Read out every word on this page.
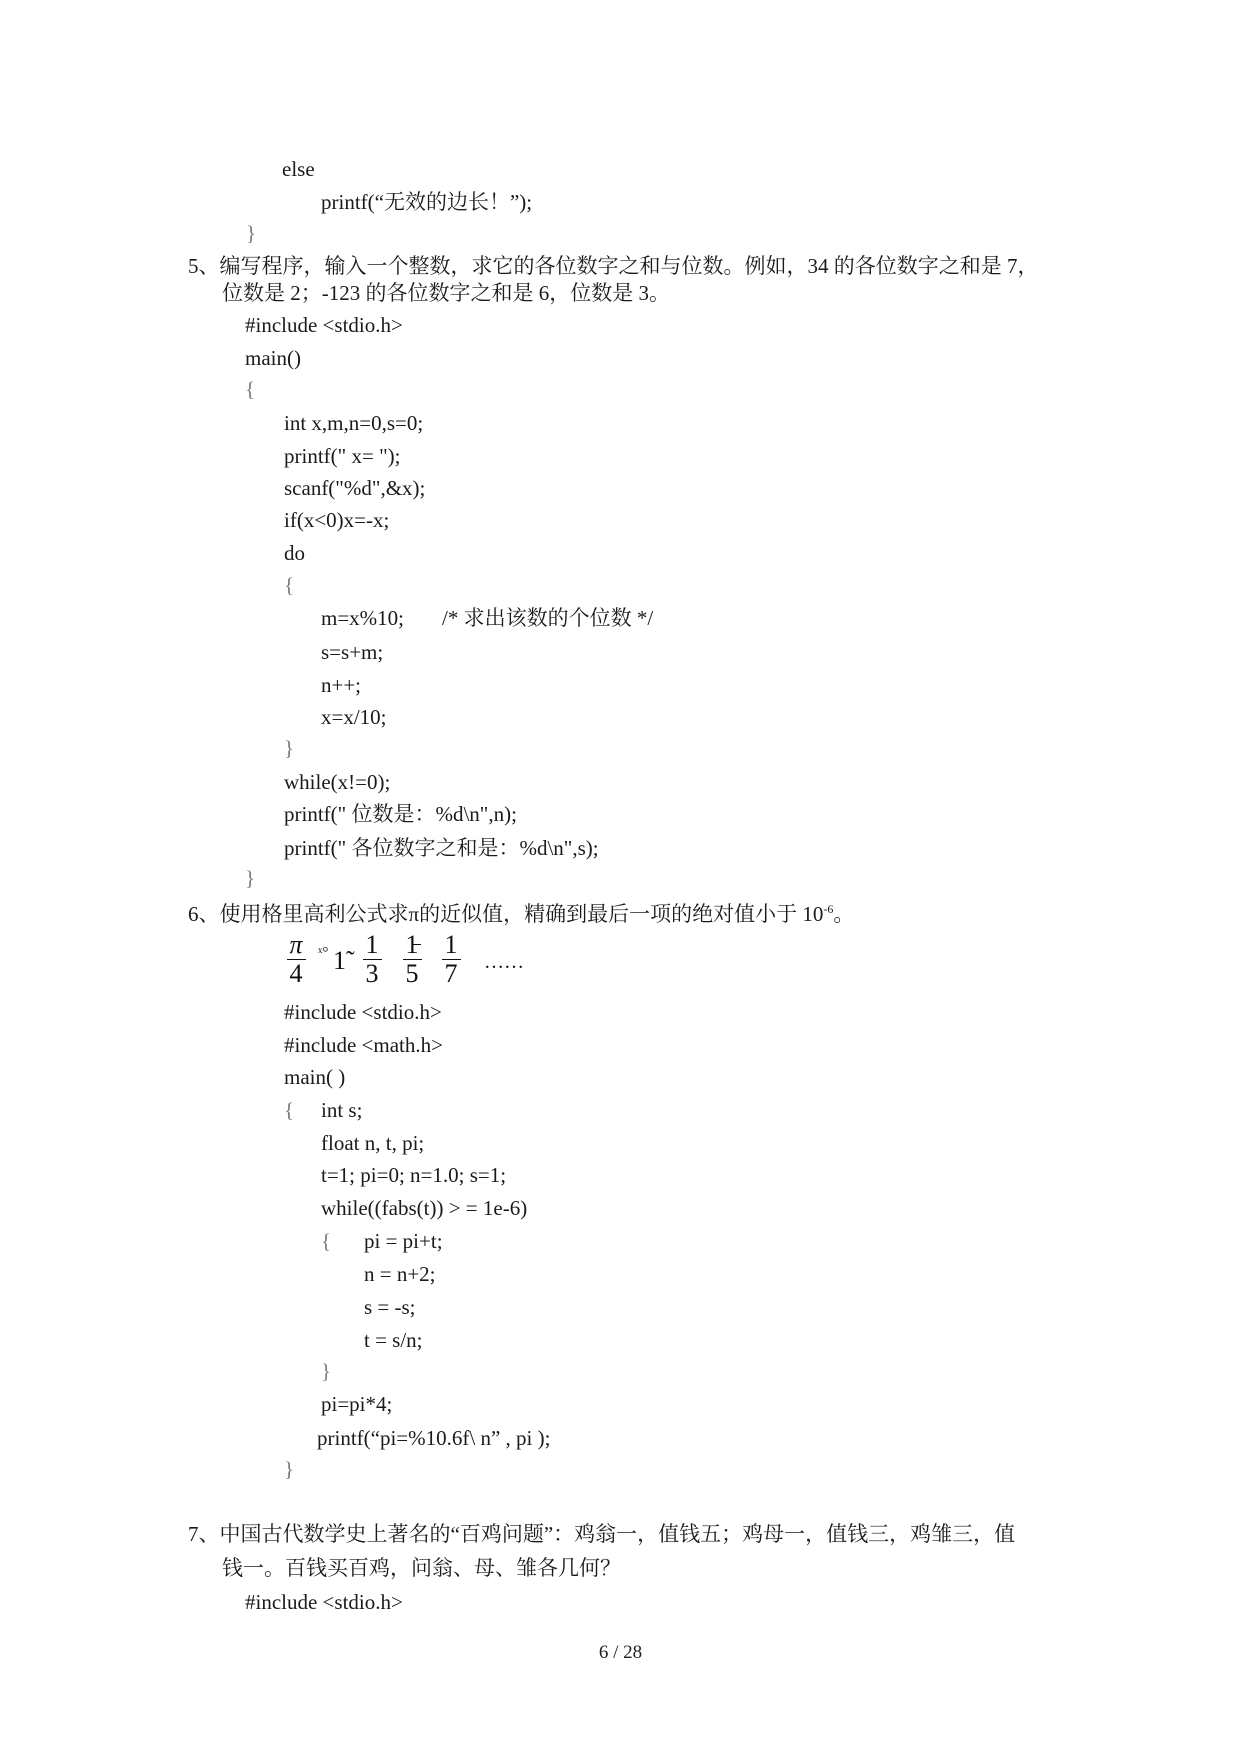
else
printf(“无效的边长！”);
}
5、编写程序，输入一个整数，求它的各位数字之和与位数。例如，34 的各位数字之和是 7，
位数是 2；-123 的各位数字之和是 6，位数是 3。
#include <stdio.h>
main()
{
int x,m,n=0,s=0;
printf(" x= ");
scanf("%d",&x);
if(x<0)x=-x;
do
{
m=x%10; /* 求出该数的个位数 */
s=s+m;
n++;
x=x/10;
}
while(x!=0);
printf(" 位数是：%d\n",n);
printf(" 各位数字之和是：%d\n",s);
}
6、使用格里高利公式求π的近似值，精确到最后一项的绝对值小于 $10^{-6}$。
π
4
ˣ° 1̃
1
3
1
5
1
7 ……
#include <stdio.h>
#include <math.h>
main( )
{ int s;
float n, t, pi;
t=1; pi=0; n=1.0; s=1;
while((fabs(t)) > = 1e-6)
{ pi = pi+t;
n = n+2;
s = -s;
t = s/n;
}
pi=pi*4;
printf(“pi=%10.6f\ n” , pi );
}
7、中国古代数学史上著名的“百鸡问题”：鸡翁一，值钱五；鸡母一，值钱三，鸡雏三，值
钱一。百钱买百鸡，问翁、母、雏各几何？
#include <stdio.h>
6 / 28
